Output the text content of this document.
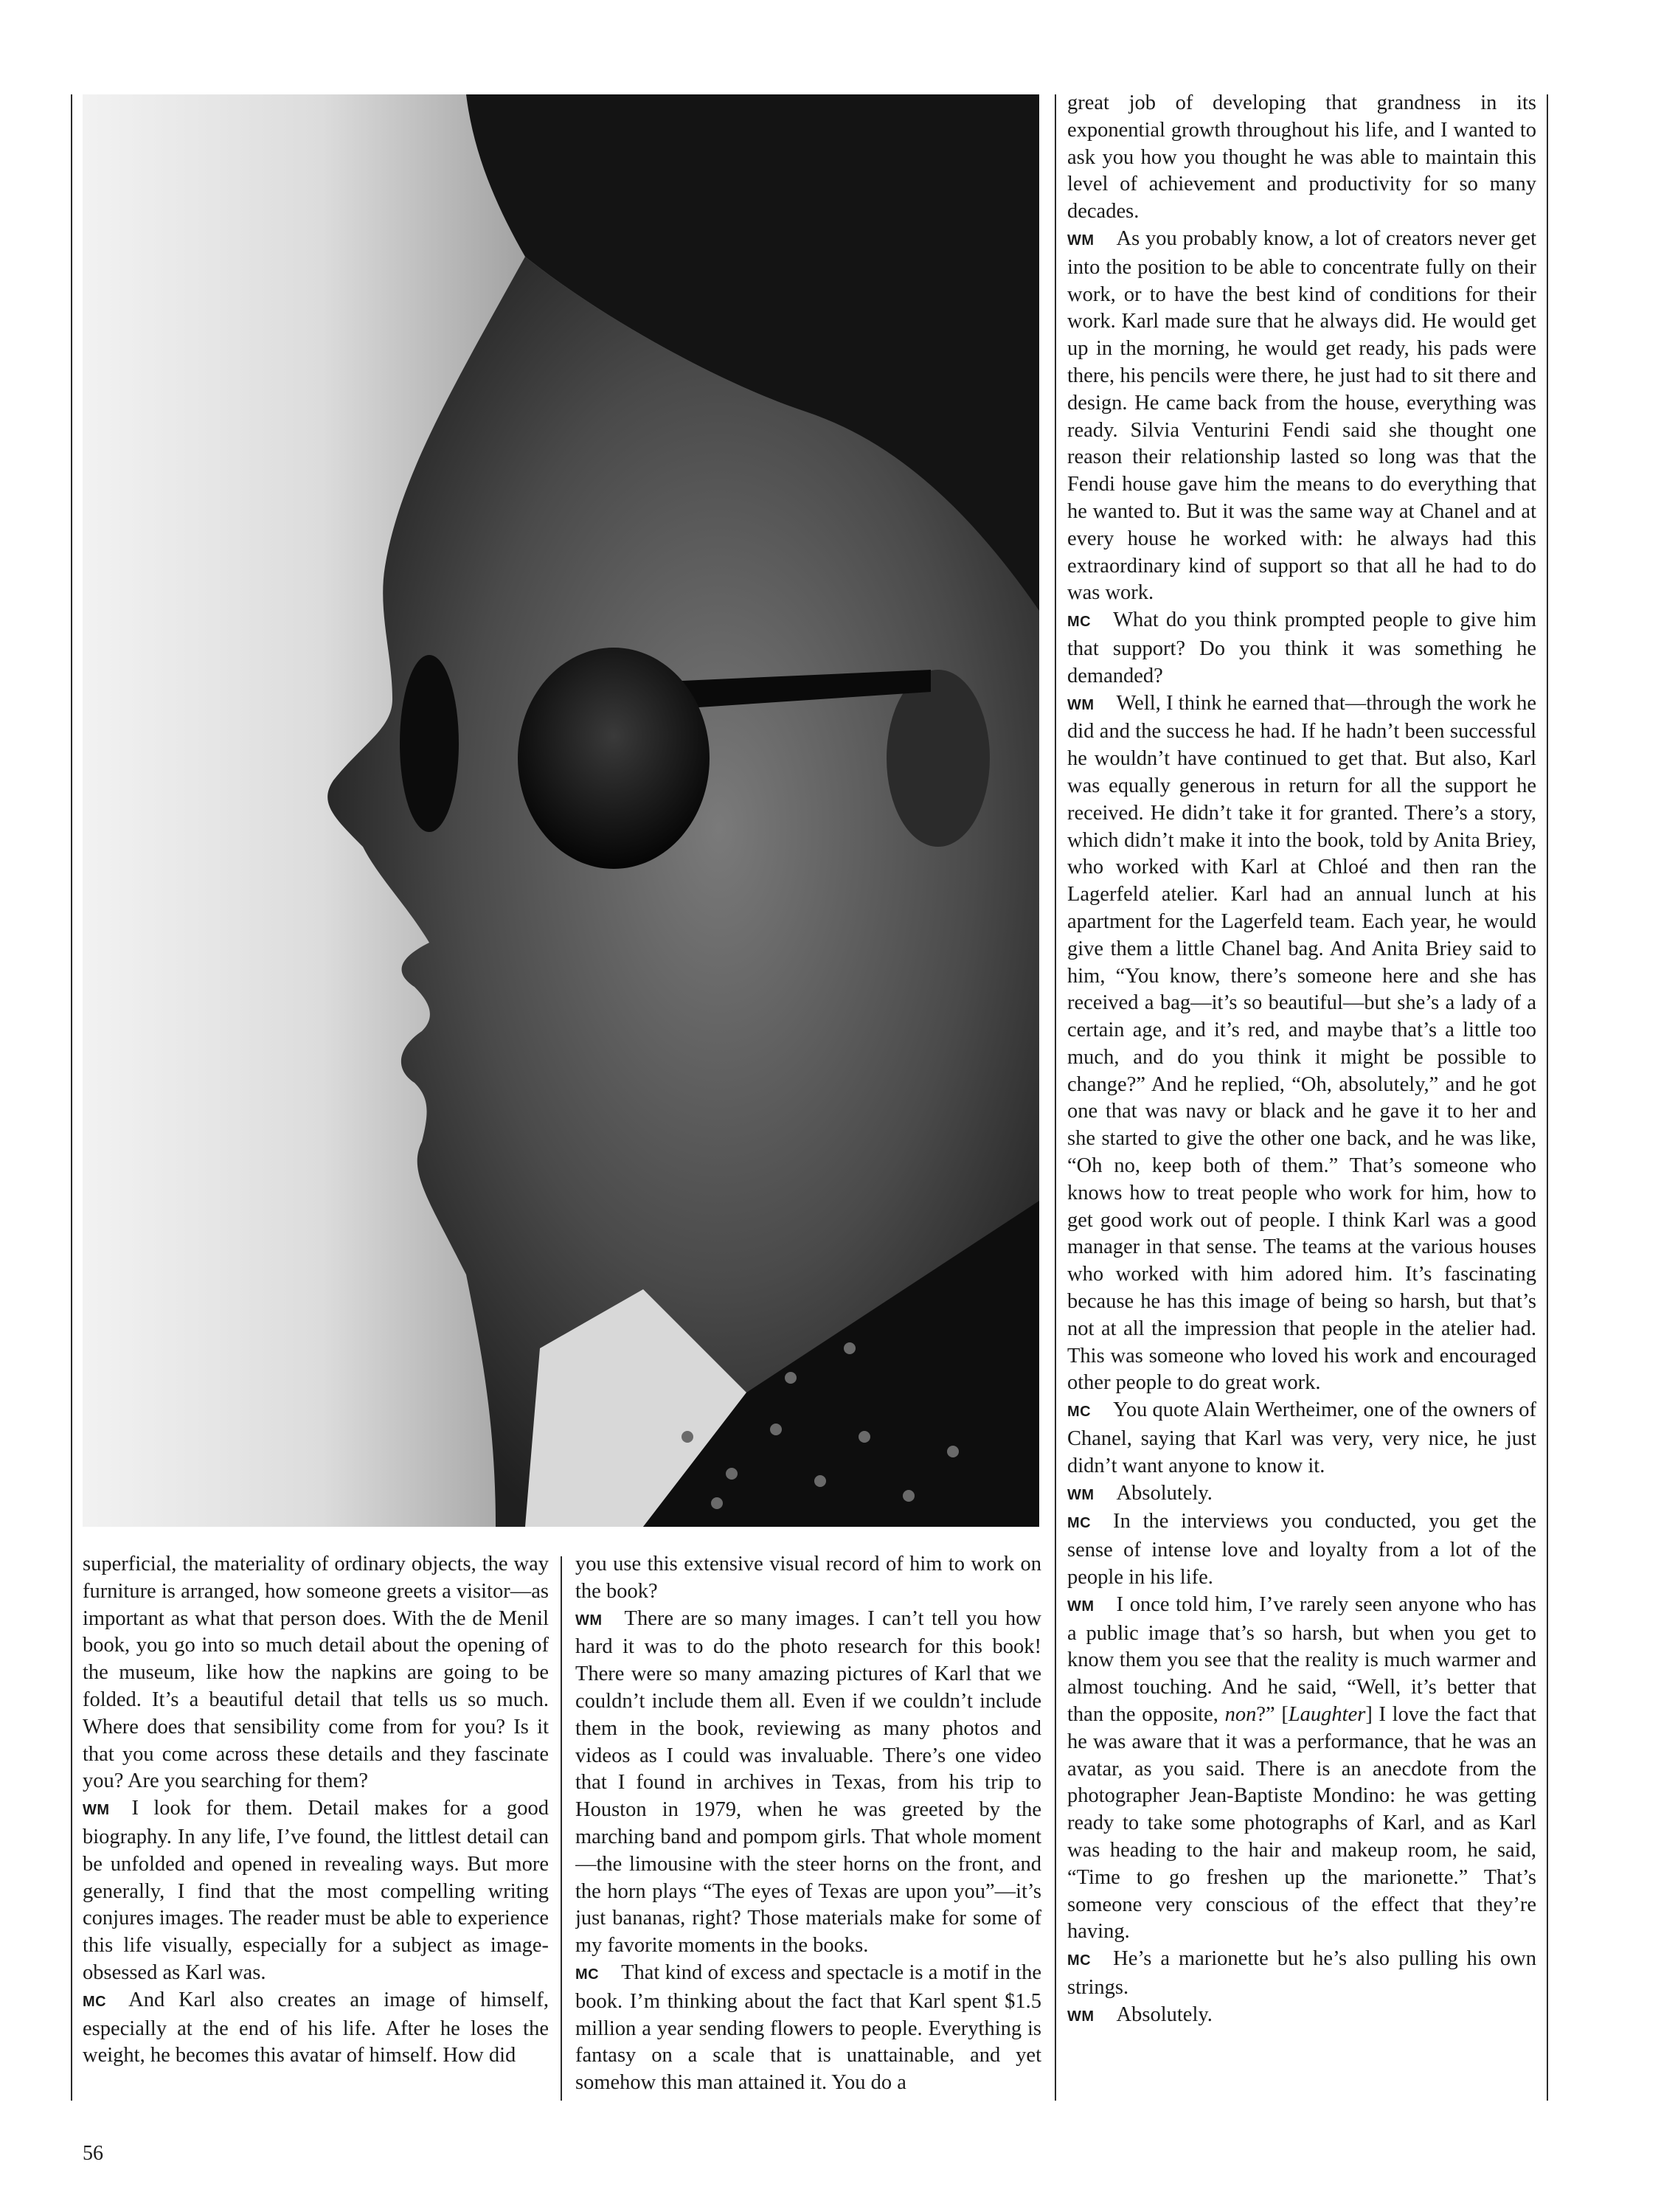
great job of developing that grandness in its exponential growth throughout his life, and I wanted to ask you how you thought he was able to maintain this level of achievement and productivity for so many decades.

WM As you probably know, a lot of creators never get into the position to be able to concentrate fully on their work, or to have the best kind of conditions for their work. Karl made sure that he always did. He would get up in the morning, he would get ready, his pads were there, his pencils were there, he just had to sit there and design. He came back from the house, everything was ready. Silvia Venturini Fendi said she thought one reason their relationship lasted so long was that the Fendi house gave him the means to do everything that he wanted to. But it was the same way at Chanel and at every house he worked with: he always had this extraordinary kind of support so that all he had to do was work.

MC What do you think prompted people to give him that support? Do you think it was something he demanded?

WM Well, I think he earned that—through the work he did and the success he had. If he hadn’t been successful he wouldn’t have continued to get that. But also, Karl was equally generous in return for all the support he received. He didn’t take it for granted. There’s a story, which didn’t make it into the book, told by Anita Briey, who worked with Karl at Chloé and then ran the Lagerfeld atelier. Karl had an annual lunch at his apartment for the Lagerfeld team. Each year, he would give them a little Chanel bag. And Anita Briey said to him, “You know, there’s someone here and she has received a bag—it’s so beautiful—but she’s a lady of a certain age, and it’s red, and maybe that’s a little too much, and do you think it might be possible to change?” And he replied, “Oh, absolutely,” and he got one that was navy or black and he gave it to her and she started to give the other one back, and he was like, “Oh no, keep both of them.” That’s someone who knows how to treat people who work for him, how to get good work out of people. I think Karl was a good manager in that sense. The teams at the various houses who worked with him adored him. It’s fascinating because he has this image of being so harsh, but that’s not at all the impression that people in the atelier had. This was someone who loved his work and encouraged other people to do great work.

MC You quote Alain Wertheimer, one of the owners of Chanel, saying that Karl was very, very nice, he just didn’t want anyone to know it.

WM Absolutely.

MC In the interviews you conducted, you get the sense of intense love and loyalty from a lot of the people in his life.

WM I once told him, I’ve rarely seen anyone who has a public image that’s so harsh, but when you get to know them you see that the reality is much warmer and almost touching. And he said, “Well, it’s better that than the opposite, non?” [Laughter] I love the fact that he was aware that it was a performance, that he was an avatar, as you said. There is an anecdote from the photographer Jean-Baptiste Mondino: he was getting ready to take some photographs of Karl, and as Karl was heading to the hair and makeup room, he said, “Time to go freshen up the marionette.” That’s someone very conscious of the effect that they’re having.

MC He’s a marionette but he’s also pulling his own strings.

WM Absolutely.

superficial, the materiality of ordinary objects, the way furniture is arranged, how someone greets a visitor—as important as what that person does. With the de Menil book, you go into so much detail about the opening of the museum, like how the napkins are going to be folded. It’s a beautiful detail that tells us so much. Where does that sensibility come from for you? Is it that you come across these details and they fascinate you? Are you searching for them?

WM I look for them. Detail makes for a good biography. In any life, I’ve found, the littlest detail can be unfolded and opened in revealing ways. But more generally, I find that the most compelling writing conjures images. The reader must be able to experience this life visually, especially for a subject as image-obsessed as Karl was.

MC And Karl also creates an image of himself, especially at the end of his life. After he loses the weight, he becomes this avatar of himself. How did

you use this extensive visual record of him to work on the book?

WM There are so many images. I can’t tell you how hard it was to do the photo research for this book! There were so many amazing pictures of Karl that we couldn’t include them all. Even if we couldn’t include them in the book, reviewing as many photos and videos as I could was invaluable. There’s one video that I found in archives in Texas, from his trip to Houston in 1979, when he was greeted by the marching band and pompom girls. That whole moment—the limousine with the steer horns on the front, and the horn plays “The eyes of Texas are upon you”—it’s just bananas, right? Those materials make for some of my favorite moments in the books.

MC That kind of excess and spectacle is a motif in the book. I’m thinking about the fact that Karl spent $1.5 million a year sending flowers to people. Everything is fantasy on a scale that is unattainable, and yet somehow this man attained it. You do a

56
